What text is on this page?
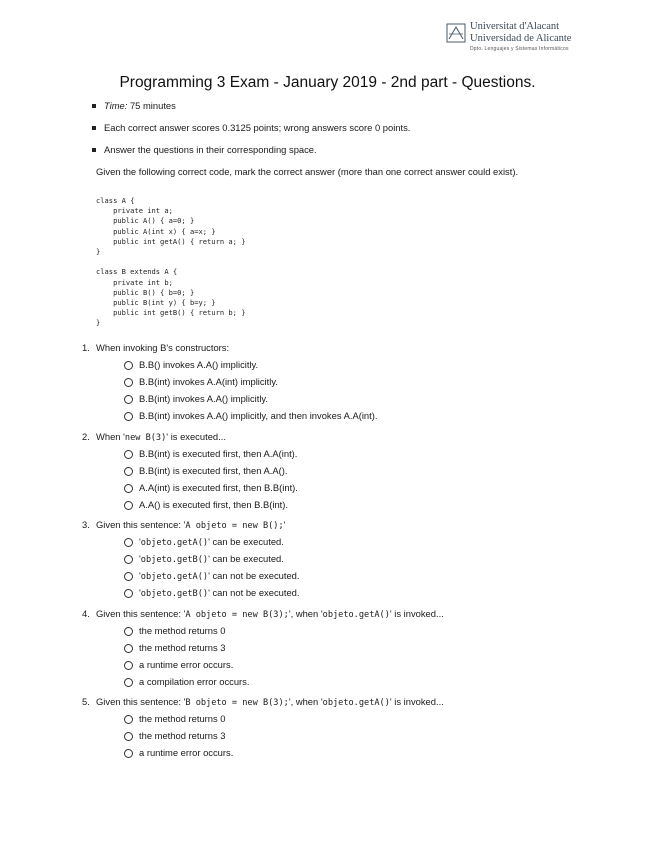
Universitat d'Alacant
Universidad de Alicante
Dpto. Lenguajes y Sistemas Informáticos
Programming 3 Exam - January 2019 - 2nd part - Questions.
Time: 75 minutes
Each correct answer scores 0.3125 points; wrong answers score 0 points.
Answer the questions in their corresponding space.
Given the following correct code, mark the correct answer (more than one correct answer could exist).
class A {
private int a;
public A() { a=0; }
public A(int x) { a=x; }
public int getA() { return a; }
}
class B extends A {
private int b;
public B() { b=0; }
public B(int y) { b=y; }
public int getB() { return b; }
}
1. When invoking B's constructors:
B.B() invokes A.A() implicitly.
B.B(int) invokes A.A(int) implicitly.
B.B(int) invokes A.A() implicitly.
B.B(int) invokes A.A() implicitly, and then invokes A.A(int).
2. When 'new B(3)' is executed...
B.B(int) is executed first, then A.A(int).
B.B(int) is executed first, then A.A().
A.A(int) is executed first, then B.B(int).
A.A() is executed first, then B.B(int).
3. Given this sentence: 'A objeto = new B();'
'objeto.getA()' can be executed.
'objeto.getB()' can be executed.
'objeto.getA()' can not be executed.
'objeto.getB()' can not be executed.
4. Given this sentence: 'A objeto = new B(3);', when 'objeto.getA()' is invoked...
the method returns 0
the method returns 3
a runtime error occurs.
a compilation error occurs.
5. Given this sentence: 'B objeto = new B(3);', when 'objeto.getA()' is invoked...
the method returns 0
the method returns 3
a runtime error occurs.
